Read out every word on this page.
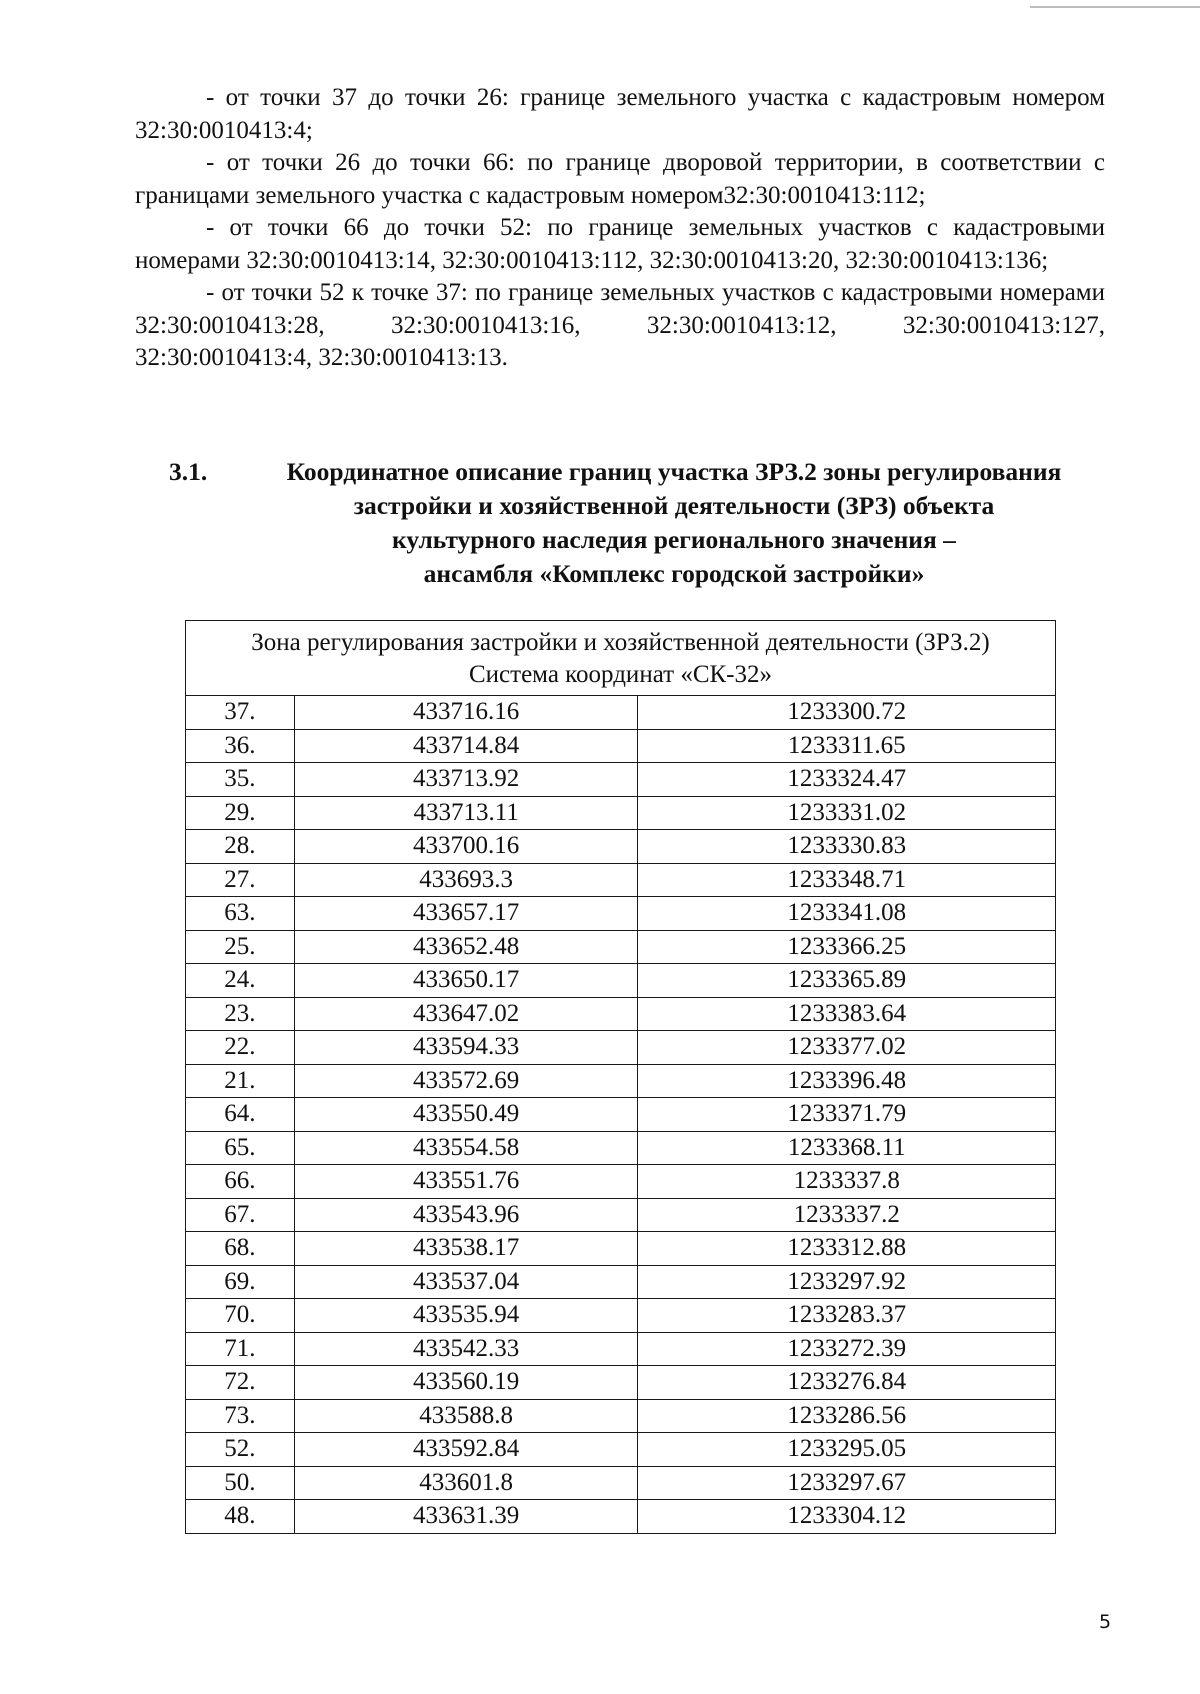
- от точки 37 до точки 26: границе земельного участка с кадастровым номером 32:30:0010413:4;

- от точки 26 до точки 66: по границе дворовой территории, в соответствии с границами земельного участка с кадастровым номером32:30:0010413:112;

- от точки 66 до точки 52: по границе земельных участков с кадастровыми номерами 32:30:0010413:14, 32:30:0010413:112, 32:30:0010413:20, 32:30:0010413:136;

- от точки 52 к точке 37: по границе земельных участков с кадастровыми номерами 32:30:0010413:28, 32:30:0010413:16, 32:30:0010413:12, 32:30:0010413:127, 32:30:0010413:4, 32:30:0010413:13.

3.1.	Координатное описание границ участка ЗРЗ.2 зоны регулирования
застройки и хозяйственной деятельности (ЗРЗ) объекта
культурного наследия регионального значения –
ансамбля «Комплекс городской застройки»
Зона регулирования застройки и хозяйственной деятельности (ЗРЗ.2)
Система координат «СК-32»		

37.	433716.16	1233300.72
36.	433714.84	1233311.65
35.	433713.92	1233324.47
29.	433713.11	1233331.02
28.	433700.16	1233330.83
27.	433693.3	1233348.71
63.	433657.17	1233341.08
25.	433652.48	1233366.25
24.	433650.17	1233365.89
23.	433647.02	1233383.64
22.	433594.33	1233377.02
21.	433572.69	1233396.48
64.	433550.49	1233371.79
65.	433554.58	1233368.11
66.	433551.76	1233337.8
67.	433543.96	1233337.2
68.	433538.17	1233312.88
69.	433537.04	1233297.92
70.	433535.94	1233283.37
71.	433542.33	1233272.39
72.	433560.19	1233276.84
73.	433588.8	1233286.56
52.	433592.84	1233295.05
50.	433601.8	1233297.67
48.	433631.39	1233304.12
5
